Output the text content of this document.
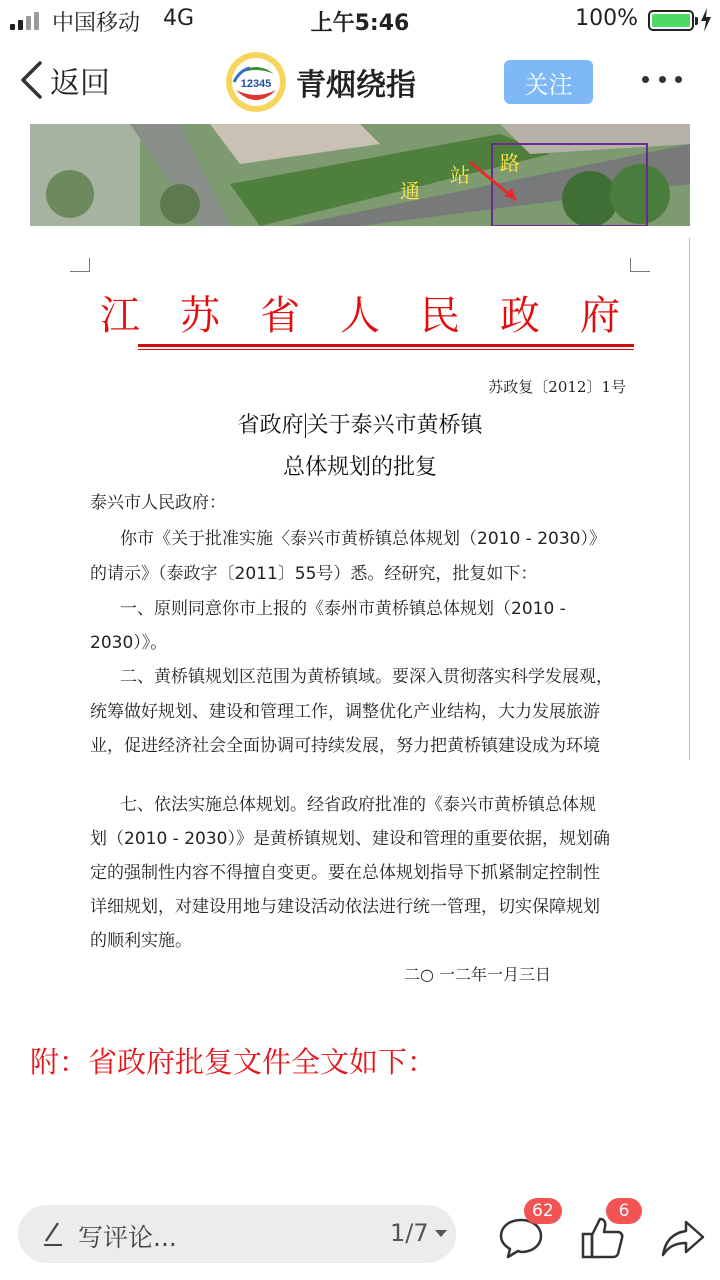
中国移动 4G	上午5:46	100%
返回	12345 青烟绕指	关注
通
站 路
江 苏 省 人 民 政 府
苏政复〔2012〕1号
省政府 关于泰兴市黄桥镇
总体规划的批复
泰兴市人民政府：
你市《关于批准实施〈泰兴市黄桥镇总体规划（2010 - 2030）》
的请示》（泰政字〔2011〕55号）悉。经研究，批复如下：
一、原则同意你市上报的《泰州市黄桥镇总体规划（2010 -
2030）》。
二、黄桥镇规划区范围为黄桥镇域。要深入贯彻落实科学发展观，
统筹做好规划、建设和管理工作，调整优化产业结构，大力发展旅游
业，促进经济社会全面协调可持续发展，努力把黄桥镇建设成为环境
七、依法实施总体规划。经省政府批准的《泰兴市黄桥镇总体规
划（2010 - 2030）》是黄桥镇规划、建设和管理的重要依据，规划确
定的强制性内容不得擅自变更。要在总体规划指导下抓紧制定控制性
详细规划，对建设用地与建设活动依法进行统一管理，切实保障规划
的顺利实施。
二○ 一二年一月三日
附：省政府批复文件全文如下：
写评论...	1/7
62	6
